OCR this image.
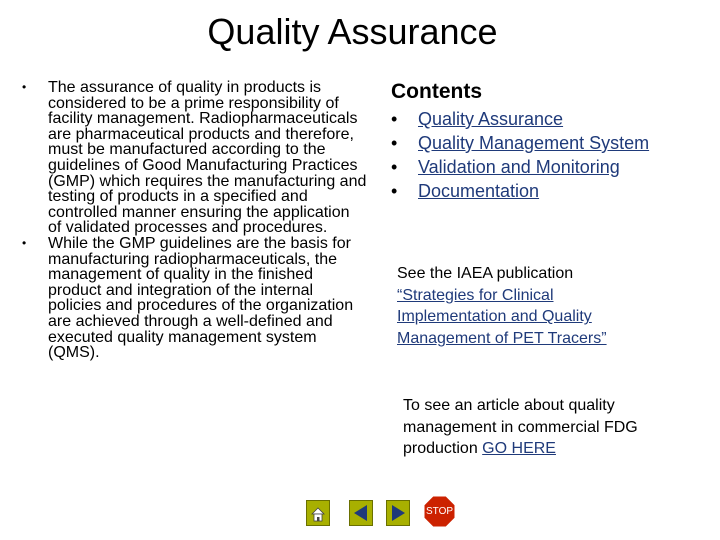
Quality Assurance
•	The assurance of quality in products is considered to be a prime responsibility of facility management. Radiopharmaceuticals are pharmaceutical products and therefore, must be manufactured according to the guidelines of Good Manufacturing Practices (GMP) which requires the manufacturing and testing of products in a specified and controlled manner ensuring the application of validated processes and procedures.
•	While the GMP guidelines are the basis for manufacturing radiopharmaceuticals, the management of quality in the finished product and integration of the internal policies and procedures of the organization are achieved through a well-defined and executed quality management system (QMS).
Contents
• Quality Assurance
• Quality Management System
• Validation and Monitoring
• Documentation
See the IAEA publication
“Strategies for Clinical Implementation and Quality Management of PET Tracers”
To see an article about quality management in commercial FDG production GO HERE
STOP
